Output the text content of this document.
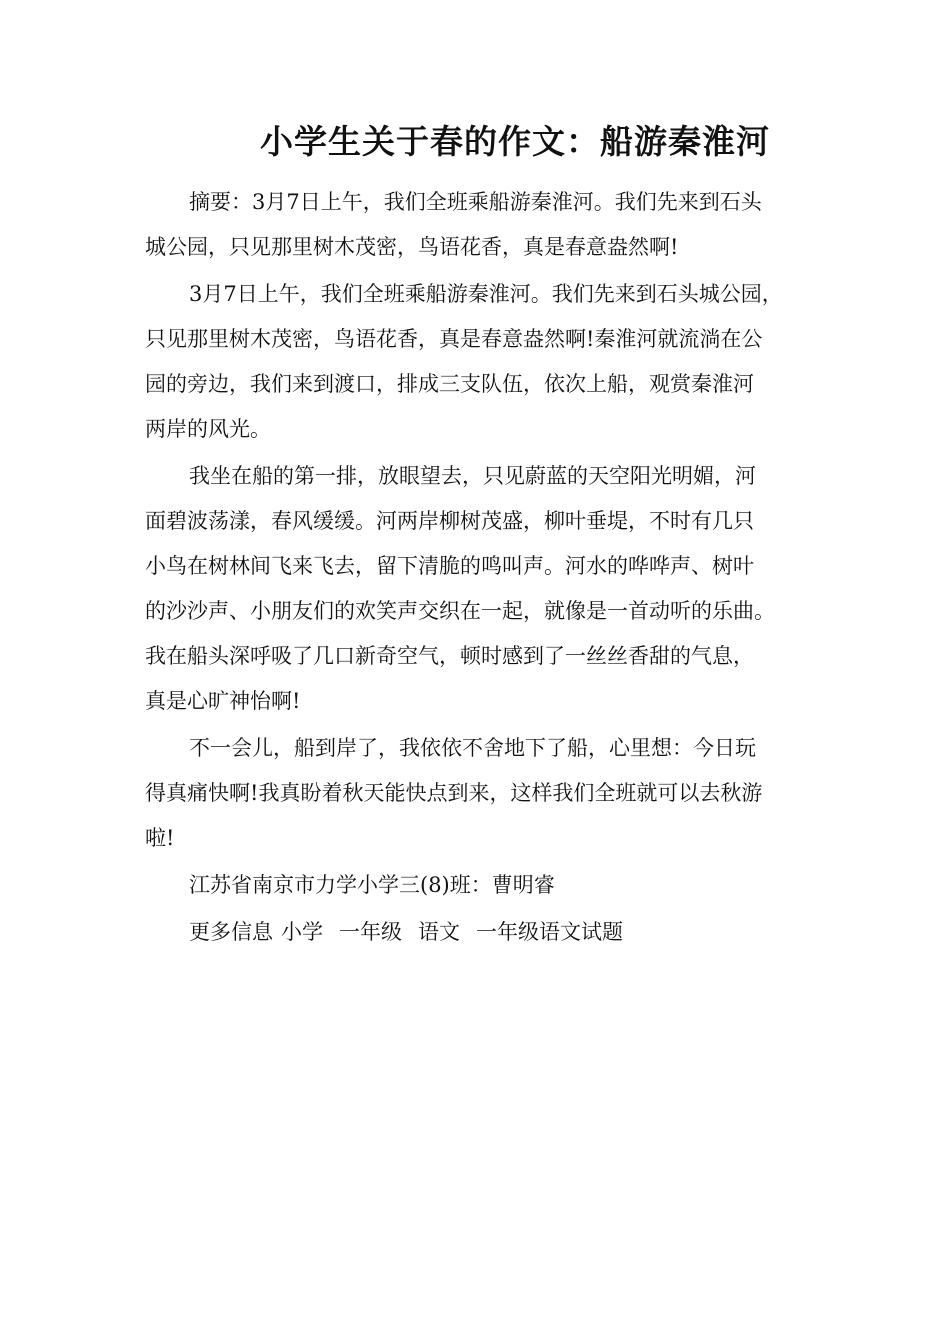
小学生关于春的作文：船游秦淮河
摘要：3月7日上午，我们全班乘船游秦淮河。我们先来到石头
城公园，只见那里树木茂密，鸟语花香，真是春意盎然啊!
3月7日上午，我们全班乘船游秦淮河。我们先来到石头城公园，
只见那里树木茂密，鸟语花香，真是春意盎然啊!秦淮河就流淌在公
园的旁边，我们来到渡口，排成三支队伍，依次上船，观赏秦淮河
两岸的风光。
我坐在船的第一排，放眼望去，只见蔚蓝的天空阳光明媚，河
面碧波荡漾，春风缓缓。河两岸柳树茂盛，柳叶垂堤，不时有几只
小鸟在树林间飞来飞去，留下清脆的鸣叫声。河水的哗哗声、树叶
的沙沙声、小朋友们的欢笑声交织在一起，就像是一首动听的乐曲。
我在船头深呼吸了几口新奇空气，顿时感到了一丝丝香甜的气息，
真是心旷神怡啊!
不一会儿，船到岸了，我依依不舍地下了船，心里想：今日玩
得真痛快啊!我真盼着秋天能快点到来，这样我们全班就可以去秋游
啦!
江苏省南京市力学小学三(8)班：曹明睿
更多信息 小学 一年级 语文 一年级语文试题
